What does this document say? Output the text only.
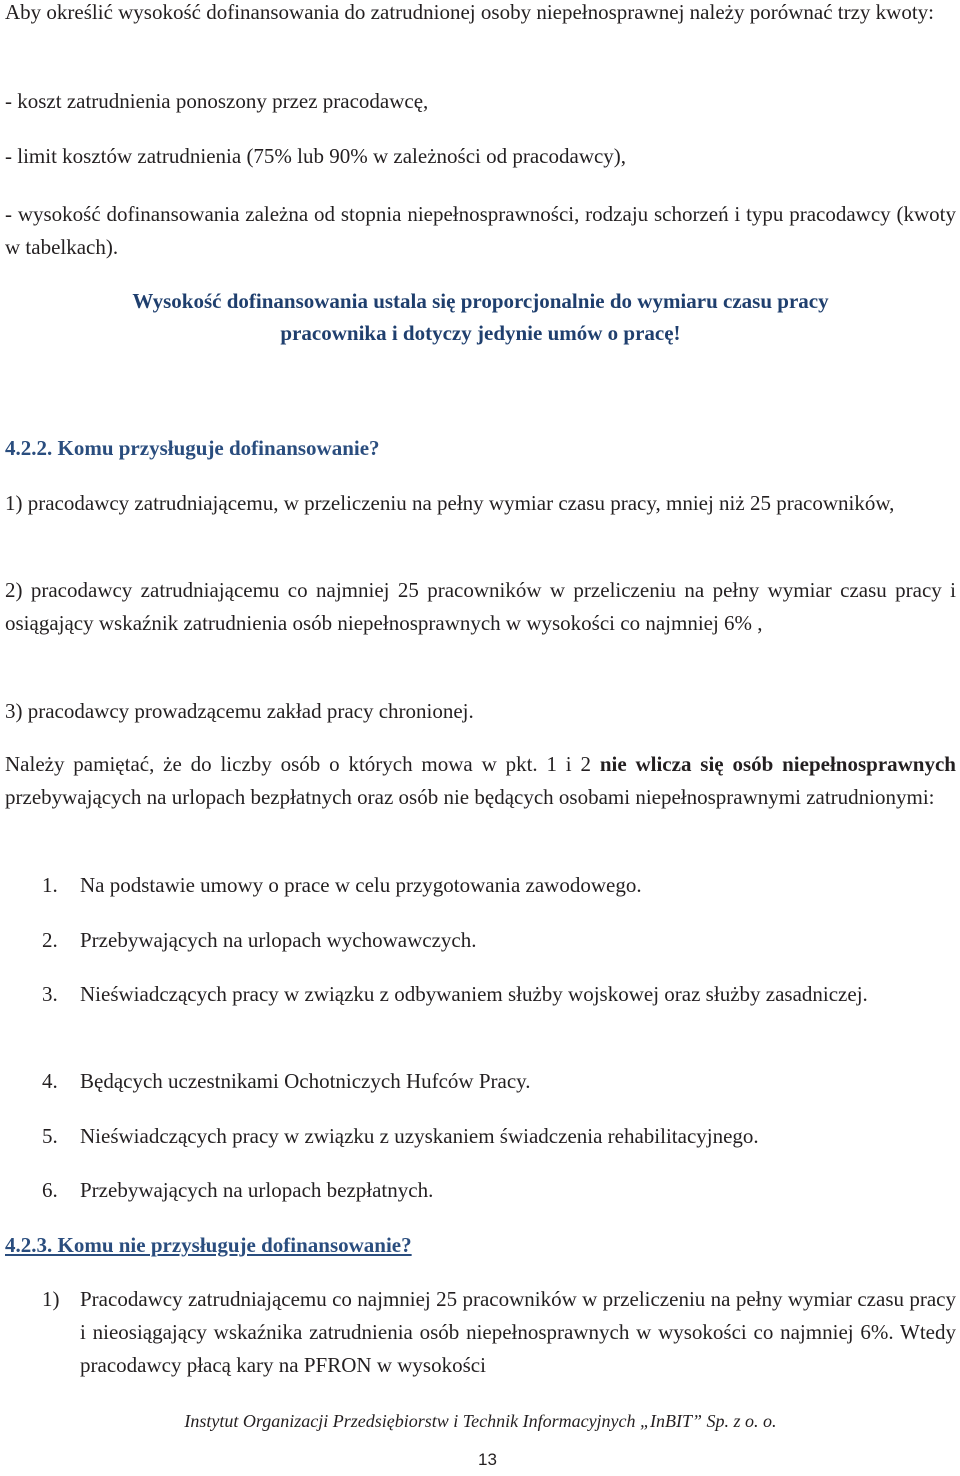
Aby określić wysokość dofinansowania do zatrudnionej osoby niepełnosprawnej należy porównać trzy kwoty:

- koszt zatrudnienia ponoszony przez pracodawcę,

- limit kosztów zatrudnienia (75% lub 90% w zależności od pracodawcy),

- wysokość dofinansowania zależna od stopnia niepełnosprawności, rodzaju schorzeń i typu pracodawcy (kwoty w tabelkach).

Wysokość dofinansowania ustala się proporcjonalnie do wymiaru czasu pracy

pracownika i dotyczy jedynie umów o pracę!

4.2.2. Komu przysługuje dofinansowanie?

1) pracodawcy zatrudniającemu, w przeliczeniu na pełny wymiar czasu pracy, mniej niż 25 pracowników,

2) pracodawcy zatrudniającemu co najmniej 25 pracowników w przeliczeniu na pełny wymiar czasu pracy i osiągający wskaźnik zatrudnienia osób niepełnosprawnych w wysokości co najmniej 6% ,

3) pracodawcy prowadzącemu zakład pracy chronionej.

Należy pamiętać, że do liczby osób o których mowa w pkt. 1 i 2 nie wlicza się osób niepełnosprawnych przebywających na urlopach bezpłatnych oraz osób nie będących osobami niepełnosprawnymi zatrudnionymi:

1. Na podstawie umowy o prace w celu przygotowania zawodowego.
2. Przebywających na urlopach wychowawczych.
3. Nieświadczących pracy w związku z odbywaniem służby wojskowej oraz służby zasadniczej.
4. Będących uczestnikami Ochotniczych Hufców Pracy.
5. Nieświadczących pracy w związku z uzyskaniem świadczenia rehabilitacyjnego.
6. Przebywających na urlopach bezpłatnych.

4.2.3. Komu nie przysługuje dofinansowanie?

1) Pracodawcy zatrudniającemu co najmniej 25 pracowników w przeliczeniu na pełny wymiar czasu pracy i nieosiągający wskaźnika zatrudnienia osób niepełnosprawnych w wysokości co najmniej 6%. Wtedy pracodawcy płacą kary na PFRON w wysokości
Instytut Organizacji Przedsiębiorstw i Technik Informacyjnych „InBIT” Sp. z o. o.
13
